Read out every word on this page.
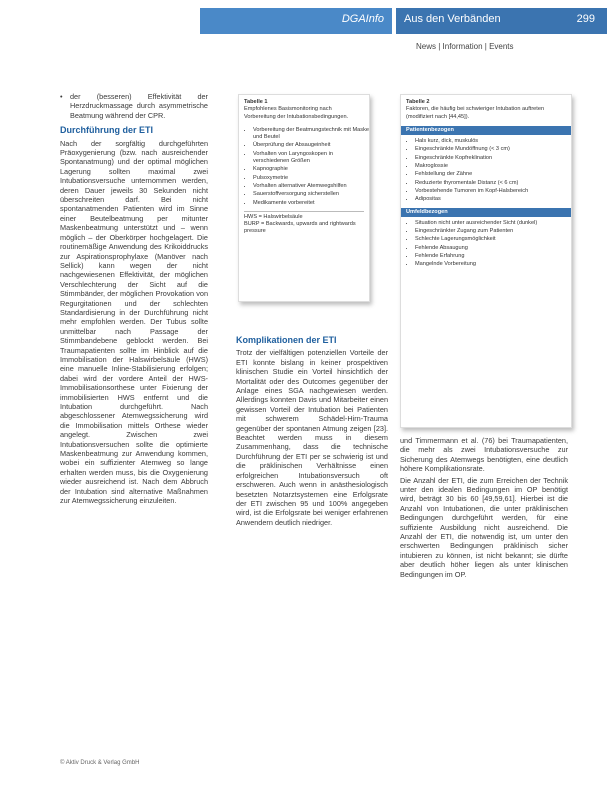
DGAInfo Aus den Verbänden	299
News | Information | Events
• der (besseren) Effektivität der Herzdruckmassage durch asymmetrische Beatmung während der CPR.
Durchführung der ETI

Nach der sorgfältig durchgeführten Präoxygenierung (bzw. nach ausreichender Spontanatmung) und der optimal möglichen Lagerung sollten maximal zwei Intubationsversuche unternommen werden, deren Dauer jeweils 30 Sekunden nicht überschreiten darf. Bei nicht spontanatmenden Patienten wird im Sinne einer Beutelbeatmung per mitunter Maskenbeatmung unterstützt und – wenn möglich – der Oberkörper hochgelagert. Die routinemäßige Anwendung des Krikoiddrucks zur Aspirationsprophylaxe (Manöver nach Sellick) kann wegen der nicht nachgewiesenen Effektivität, der möglichen Verschlechterung der Sicht auf die Stimmbänder, der möglichen Provokation von Regurgitationen und der schlechten Standardisierung in der Durchführung nicht mehr empfohlen werden. Der Tubus sollte unmittelbar nach Passage der Stimmbandebene geblockt werden. Bei Traumapatienten sollte im Hinblick auf die Immobilisation der Halswirbelsäule (HWS) eine manuelle Inline-Stabilisierung erfolgen; dabei wird der vordere Anteil der HWS-Immobilisationsorthese unter Fixierung der immobilisierten HWS entfernt und die Intubation durchgeführt. Nach abgeschlossener Atemwegssicherung wird die Immobilisation mittels Orthese wieder angelegt. Zwischen zwei Intubationsversuchen sollte die optimierte Maskenbeatmung zur Anwendung kommen, wobei ein suffizienter Atemweg so lange erhalten werden muss, bis die Oxygenierung wieder ausreichend ist. Nach dem Abbruch der Intubation sind alternative Maßnahmen zur Atemwegssicherung einzuleiten.

Tabelle 1
Empfohlenes Basismonitoring nach Vorbereitung der Intubationsbedingungen.
• Vorbereitung der Beatmungstechnik mit Maske und Beutel
• Überprüfung der Absaugeinheit
• Vorhalten von Laryngoskopen in verschiedenen Größen
• Kapnographie
• Pulsoxymetrie
• Vorhalten alternativer Atemwegshilfen
• Sauerstoffversorgung sicherstellen
• Medikamente vorbereitet
HWS = Halswirbelsäule
BURP = Backwards, upwards and rightwards pressure
Tabelle 2
Faktoren, die häufig bei schwieriger Intubation auftreten (modifiziert nach [44,45]).
Patientenbezogen
• Hals kurz, dick, muskulös
• Eingeschränkte Mundöffnung (< 3 cm)
• Eingeschränkte Kopfreklination
• Makroglossie
• Fehlstellung der Zähne
• Reduzierte thyromentale Distanz (< 6 cm)
• Vorbestehende Tumoren im Kopf-Halsbereich
• Adipositas
Umfeldbezogen
• Situation nicht unter ausreichender Sicht (dunkel)
• Eingeschränkter Zugang zum Patienten
• Schlechte Lagerungsmöglichkeit
• Fehlende Absaugung
• Fehlende Erfahrung
• Mangelnde Vorbereitung
Komplikationen der ETI

Trotz der vielfältigen potenziellen Vorteile der ETI konnte bislang in keiner prospektiven klinischen Studie ein Vorteil hinsichtlich der Mortalität oder des Outcomes gegenüber der Anlage eines SGA nachgewiesen werden. Allerdings konnten Davis und Mitarbeiter einen gewissen Vorteil der Intubation bei Patienten mit schwerem Schädel-Hirn-Trauma gegenüber der spontanen Atmung zeigen [23]. Beachtet werden muss in diesem Zusammenhang, dass die technische Durchführung der ETI per se schwierig ist und die präklinischen Verhältnisse einen erfolgreichen Intubationsversuch oft erschweren. Auch wenn in anästhesiologisch besetzten Notarztsystemen eine Erfolgsrate der ETI zwischen 95 und 100% angegeben wird, ist die Erfolgsrate bei weniger erfahrenen Anwendern deutlich niedriger.

und Timmermann et al. (76) bei Traumapatienten, die mehr als zwei Intubationsversuche zur Sicherung des Atemwegs benötigten, eine deutlich höhere Komplikationsrate.

Die Anzahl der ETI, die zum Erreichen der Technik unter den idealen Bedingungen im OP benötigt wird, beträgt 30 bis 60 [49,59,61]. Hierbei ist die Anzahl von Intubationen, die unter präklinischen Bedingungen durchgeführt werden, für eine suffiziente Ausbildung nicht ausreichend. Die Anzahl der ETI, die notwendig ist, um unter den erschwerten Bedingungen präklinisch sicher intubieren zu können, ist nicht bekannt; sie dürfte aber deutlich höher liegen als unter klinischen Bedingungen im OP.

© Aktiv Druck & Verlag GmbH
